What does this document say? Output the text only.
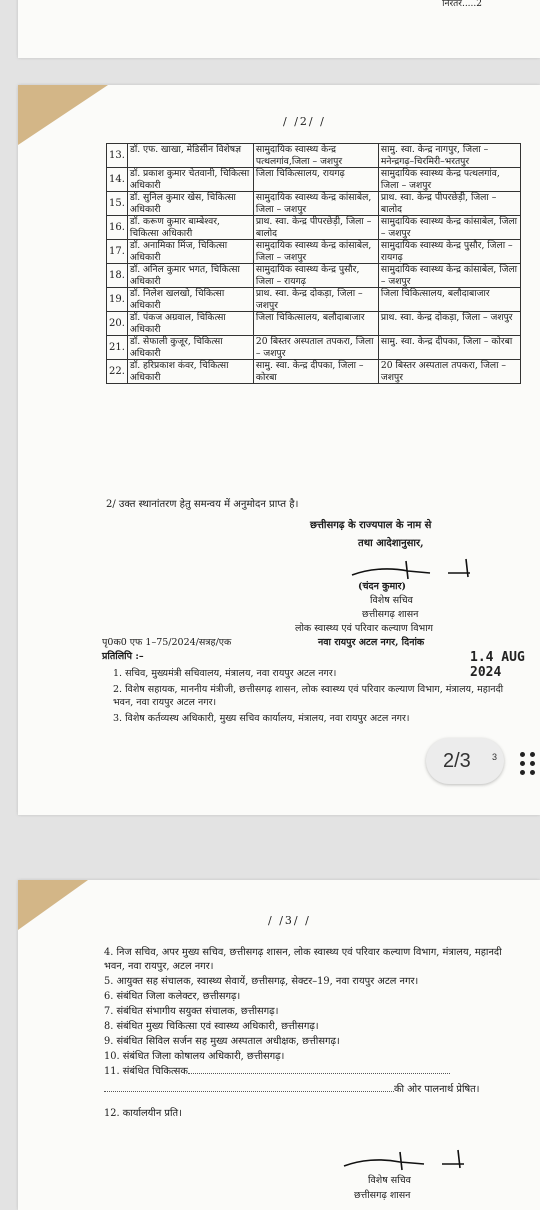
निरंतर.....2
/ /2/ /
13.	डॉ. एफ. खाखा, मेडिसीन विशेषज्ञ	सामुदायिक स्वास्थ्य केन्द्र पत्थलगांव,जिला – जशपुर	सामु. स्वा. केन्द्र नागपुर, जिला – मनेन्द्रगढ़–चिरमिरी–भरतपुर
14.	डॉ. प्रकाश कुमार चेतवानी, चिकित्सा अधिकारी	जिला चिकित्सालय, रायगढ़	सामुदायिक स्वास्थ्य केन्द्र पत्थलगांव, जिला – जशपुर
15.	डॉ. सुनिल कुमार खेस, चिकित्सा अधिकारी	सामुदायिक स्वास्थ्य केन्द्र कांसाबेल, जिला – जशपुर	प्राथ. स्वा. केन्द्र पीपरछेड़ी, जिला – बालोद
16.	डॉ. करूण कुमार बाम्बेश्वर, चिकित्सा अधिकारी	प्राथ. स्वा. केन्द्र पीपरछेड़ी, जिला – बालोद	सामुदायिक स्वास्थ्य केन्द्र कांसाबेल, जिला – जशपुर
17.	डॉ. अनामिका मिंज, चिकित्सा अधिकारी	सामुदायिक स्वास्थ्य केन्द्र कांसाबेल, जिला – जशपुर	सामुदायिक स्वास्थ्य केन्द्र पुसौर, जिला – रायगढ़
18.	डॉ. अनिल कुमार भगत, चिकित्सा अधिकारी	सामुदायिक स्वास्थ्य केन्द्र पुसौर, जिला – रायगढ़	सामुदायिक स्वास्थ्य केन्द्र कांसाबेल, जिला – जशपुर
19.	डॉ. निलेश खलखो, चिकित्सा अधिकारी	प्राथ. स्वा. केन्द्र दोकड़ा, जिला – जशपुर	जिला चिकित्सालय, बलौदाबाजार
20.	डॉ. पंकज अग्रवाल, चिकित्सा अधिकारी	जिला चिकित्सालय, बलौदाबाजार	प्राथ. स्वा. केन्द्र दोकड़ा, जिला – जशपुर
21.	डॉ. सेफाली कुजूर, चिकित्सा अधिकारी	20 बिस्तर अस्पताल तपकरा, जिला – जशपुर	सामु. स्वा. केन्द्र दीपका, जिला – कोरबा
22.	डॉ. हरिप्रकाश कंवर, चिकित्सा अधिकारी	सामु. स्वा. केन्द्र दीपका, जिला – कोरबा	20 बिस्तर अस्पताल तपकरा, जिला – जशपुर
2/ उक्त स्थानांतरण हेतु समन्वय में अनुमोदन प्राप्त है।
छत्तीसगढ़ के राज्यपाल के नाम से
तथा आदेशानुसार,
(चंदन कुमार)
विशेष सचिव
छत्तीसगढ़ शासन
लोक स्वास्थ्य एवं परिवार कल्याण विभाग
पृ0क0 एफ 1–75/2024/सत्रह/एक	नवा रायपुर अटल नगर, दिनांक
1.4 AUG 2024
प्रतिलिपि :–
1. सचिव, मुख्यमंत्री सचिवालय, मंत्रालय, नवा रायपुर अटल नगर।
2. विशेष सहायक, माननीय मंत्रीजी, छत्तीसगढ़ शासन, लोक स्वास्थ्य एवं परिवार कल्याण विभाग, मंत्रालय, महानदी भवन, नवा रायपुर अटल नगर।
3. विशेष कर्तव्यस्थ अधिकारी, मुख्य सचिव कार्यालय, मंत्रालय, नवा रायपुर अटल नगर।
2/3 3
/ /3/ /
4. निज सचिव, अपर मुख्य सचिव, छत्तीसगढ़ शासन, लोक स्वास्थ्य एवं परिवार कल्याण विभाग, मंत्रालय, महानदी भवन, नवा रायपुर, अटल नगर।
5. आयुक्त सह संचालक, स्वास्थ्य सेवायें, छत्तीसगढ़, सेक्टर–19, नवा रायपुर अटल नगर।
6. संबंधित जिला कलेक्टर, छत्तीसगढ़।
7. संबंधित संभागीय सयुक्त संचालक, छत्तीसगढ़।
8. संबंधित मुख्य चिकित्सा एवं स्वास्थ्य अधिकारी, छत्तीसगढ़।
9. संबंधित सिविल सर्जन सह मुख्य अस्पताल अधीक्षक, छत्तीसगढ़।
10. संबंधित जिला कोषालय अधिकारी, छत्तीसगढ़।
11. संबंधित चिकित्सक
की ओर पालनार्थ प्रेषित।
12. कार्यालयीन प्रति।
विशेष सचिव
छत्तीसगढ़ शासन
